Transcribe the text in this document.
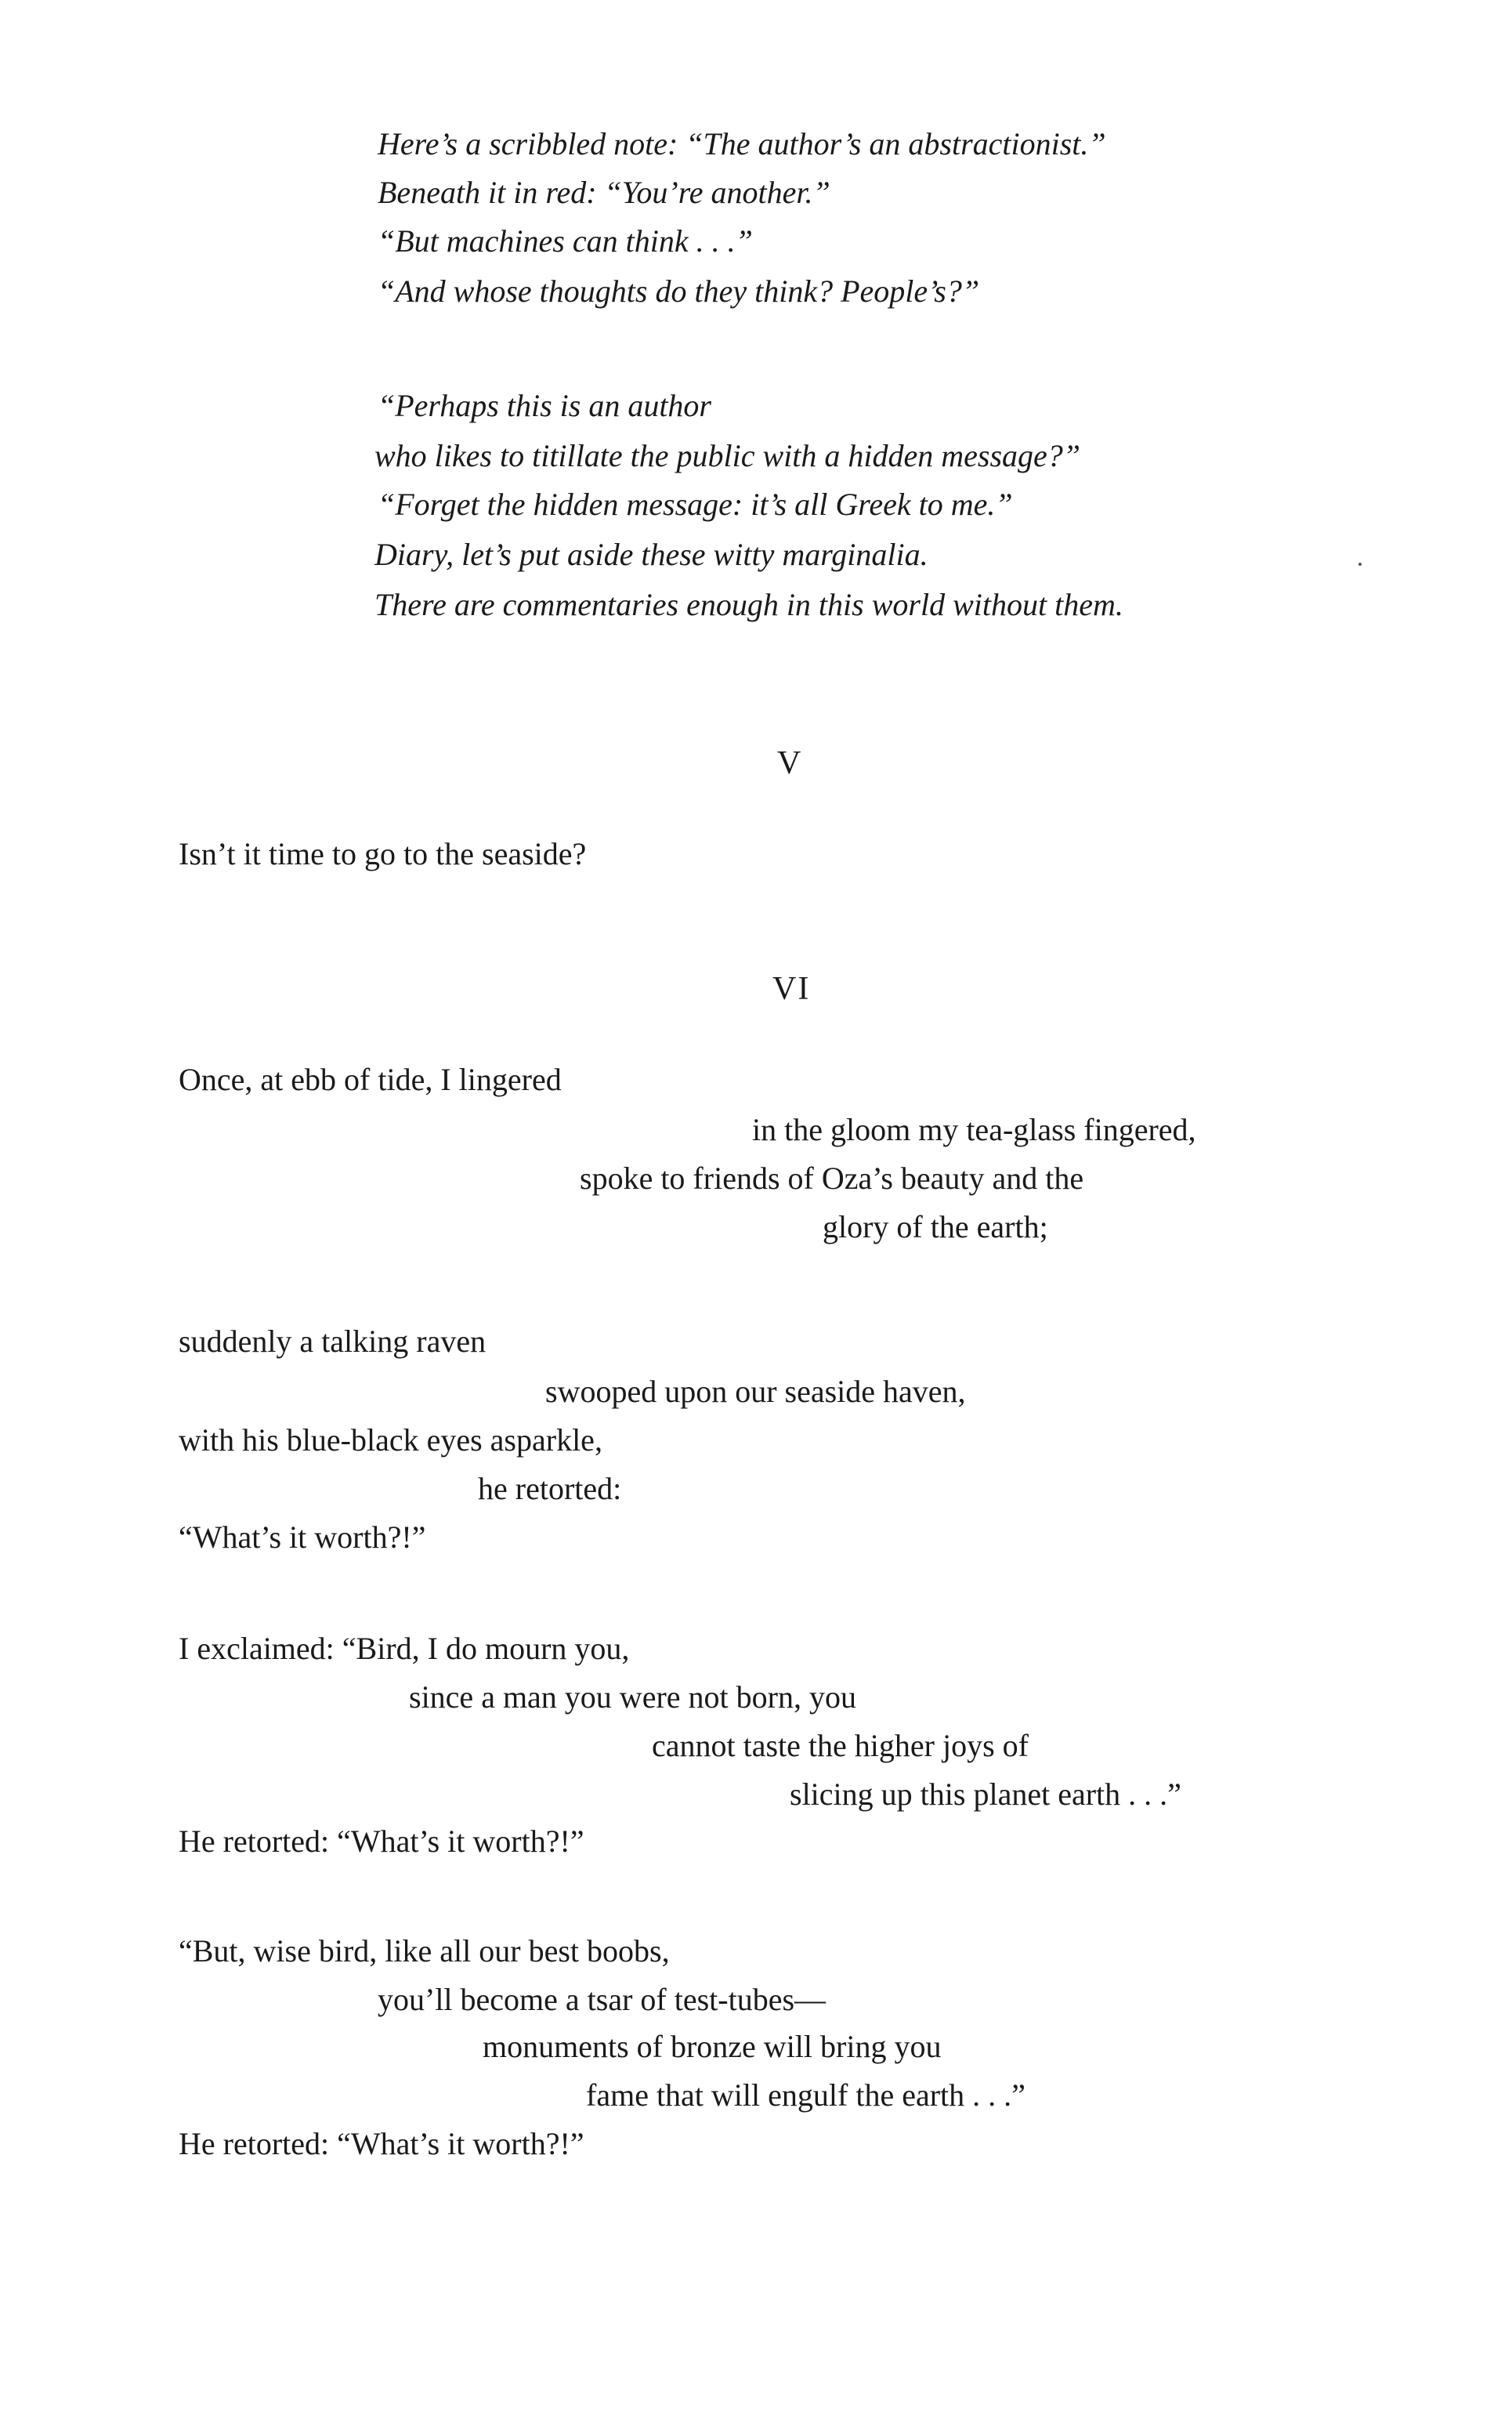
Here’s a scribbled note: “The author’s an abstractionist.”
Beneath it in red: “You’re another.”
“But machines can think . . .”
“And whose thoughts do they think? People’s?”
“Perhaps this is an author
who likes to titillate the public with a hidden message?”
“Forget the hidden message: it’s all Greek to me.”
Diary, let’s put aside these witty marginalia.
There are commentaries enough in this world without them.
V
Isn’t it time to go to the seaside?
VI
Once, at ebb of tide, I lingered
in the gloom my tea-glass fingered,
spoke to friends of Oza’s beauty and the
glory of the earth;
suddenly a talking raven
swooped upon our seaside haven,
with his blue-black eyes asparkle,
he retorted:
“What’s it worth?!”
I exclaimed: “Bird, I do mourn you,
since a man you were not born, you
cannot taste the higher joys of
slicing up this planet earth . . .”
He retorted: “What’s it worth?!”
“But, wise bird, like all our best boobs,
you’ll become a tsar of test-tubes—
monuments of bronze will bring you
fame that will engulf the earth . . .”
He retorted: “What’s it worth?!”
